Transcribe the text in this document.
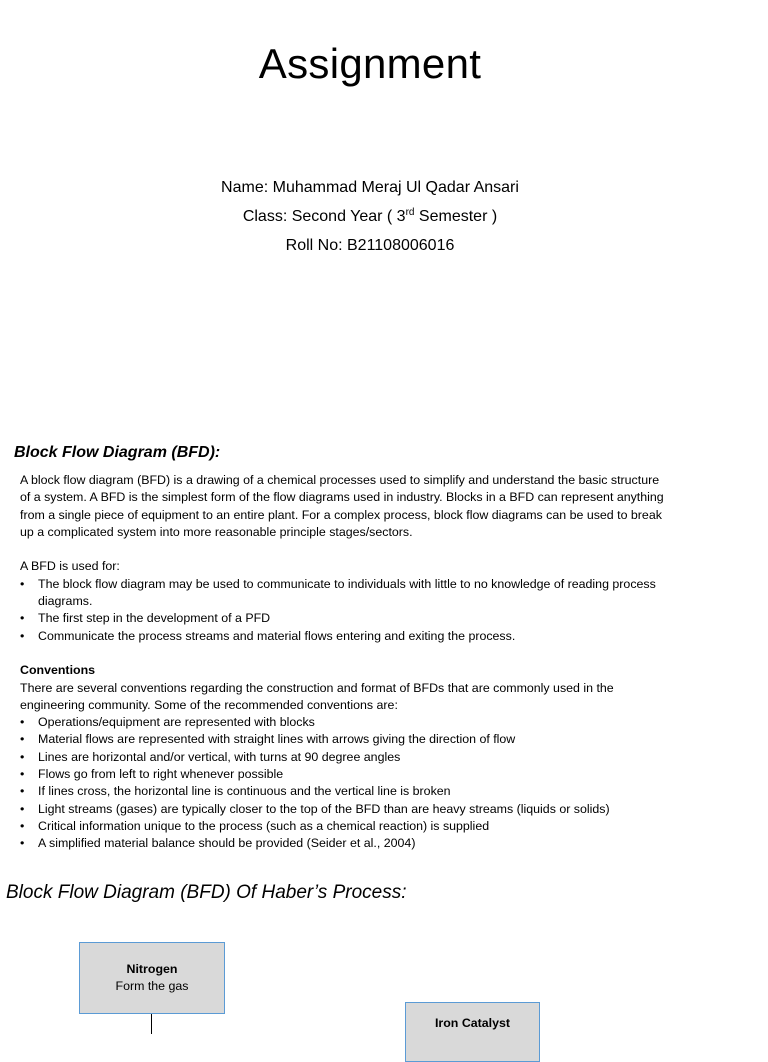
Assignment
Name: Muhammad Meraj Ul Qadar Ansari
Class: Second Year ( 3rd Semester )
Roll No: B21108006016
Block Flow Diagram (BFD):

A block flow diagram (BFD) is a drawing of a chemical processes used to simplify and understand the basic structure of a system. A BFD is the simplest form of the flow diagrams used in industry. Blocks in a BFD can represent anything from a single piece of equipment to an entire plant. For a complex process, block flow diagrams can be used to break up a complicated system into more reasonable principle stages/sectors.

A BFD is used for:

• The block flow diagram may be used to communicate to individuals with little to no knowledge of reading process diagrams.
• The first step in the development of a PFD
• Communicate the process streams and material flows entering and exiting the process.

Conventions

There are several conventions regarding the construction and format of BFDs that are commonly used in the engineering community. Some of the recommended conventions are:

• Operations/equipment are represented with blocks
• Material flows are represented with straight lines with arrows giving the direction of flow
• Lines are horizontal and/or vertical, with turns at 90 degree angles
• Flows go from left to right whenever possible
• If lines cross, the horizontal line is continuous and the vertical line is broken
• Light streams (gases) are typically closer to the top of the BFD than are heavy streams (liquids or solids)
• Critical information unique to the process (such as a chemical reaction) is supplied
• A simplified material balance should be provided (Seider et al., 2004)
Block Flow Diagram (BFD) Of Haber’s Process:
Nitrogen
Form the gas
Iron Catalyst
